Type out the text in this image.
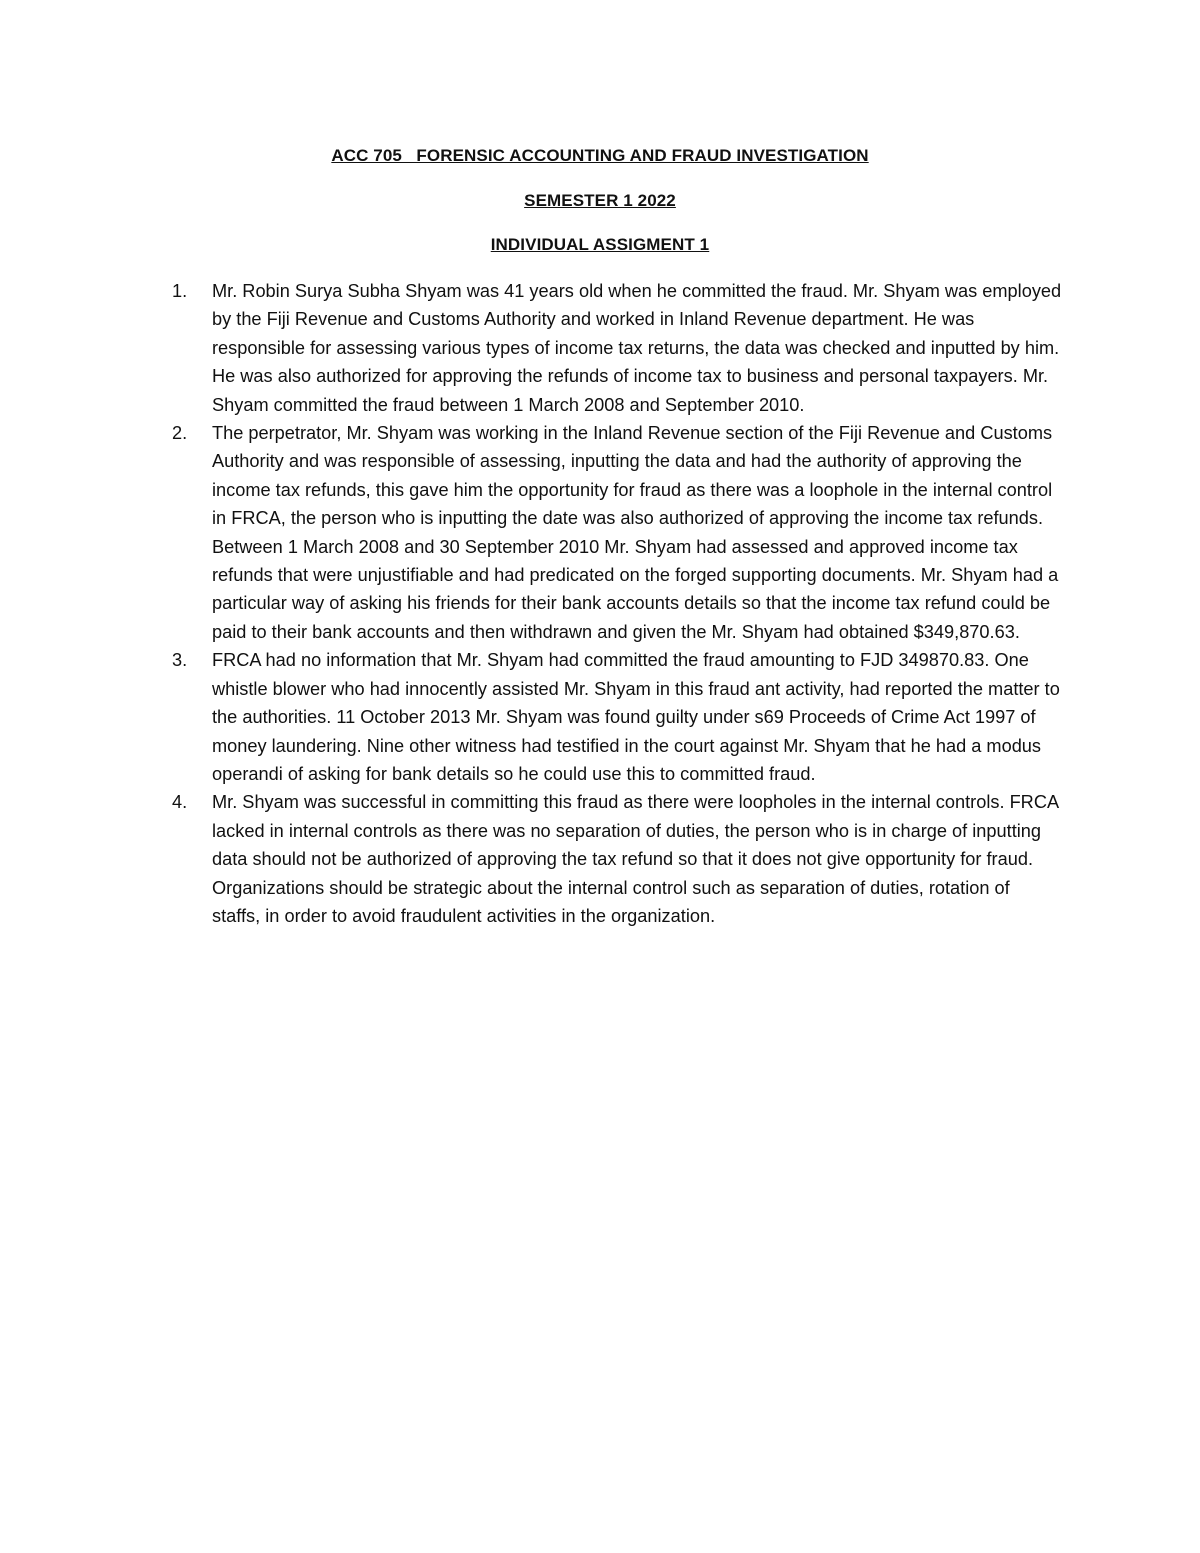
ACC 705   FORENSIC ACCOUNTING AND FRAUD INVESTIGATION

SEMESTER 1 2022

INDIVIDUAL ASSIGMENT 1

1. Mr. Robin Surya Subha Shyam was 41 years old when he committed the fraud. Mr. Shyam was employed by the Fiji Revenue and Customs Authority and worked in Inland Revenue department. He was responsible for assessing various types of income tax returns, the data was checked and inputted by him. He was also authorized for approving the refunds of income tax to business and personal taxpayers. Mr. Shyam committed the fraud between 1 March 2008 and September 2010.
2. The perpetrator, Mr. Shyam was working in the Inland Revenue section of the Fiji Revenue and Customs Authority and was responsible of assessing, inputting the data and had the authority of approving the income tax refunds, this gave him the opportunity for fraud as there was a loophole in the internal control in FRCA, the person who is inputting the date was also authorized of approving the income tax refunds. Between 1 March 2008 and 30 September 2010 Mr. Shyam had assessed and approved income tax refunds that were unjustifiable and had predicated on the forged supporting documents. Mr. Shyam had a particular way of asking his friends for their bank accounts details so that the income tax refund could be paid to their bank accounts and then withdrawn and given the Mr. Shyam had obtained $349,870.63.
3. FRCA had no information that Mr. Shyam had committed the fraud amounting to FJD 349870.83. One whistle blower who had innocently assisted Mr. Shyam in this fraud ant activity, had reported the matter to the authorities. 11 October 2013 Mr. Shyam was found guilty under s69 Proceeds of Crime Act 1997 of money laundering. Nine other witness had testified in the court against Mr. Shyam that he had a modus operandi of asking for bank details so he could use this to committed fraud.
4. Mr. Shyam was successful in committing this fraud as there were loopholes in the internal controls. FRCA lacked in internal controls as there was no separation of duties, the person who is in charge of inputting data should not be authorized of approving the tax refund so that it does not give opportunity for fraud. Organizations should be strategic about the internal control such as separation of duties, rotation of staffs, in order to avoid fraudulent activities in the organization.
